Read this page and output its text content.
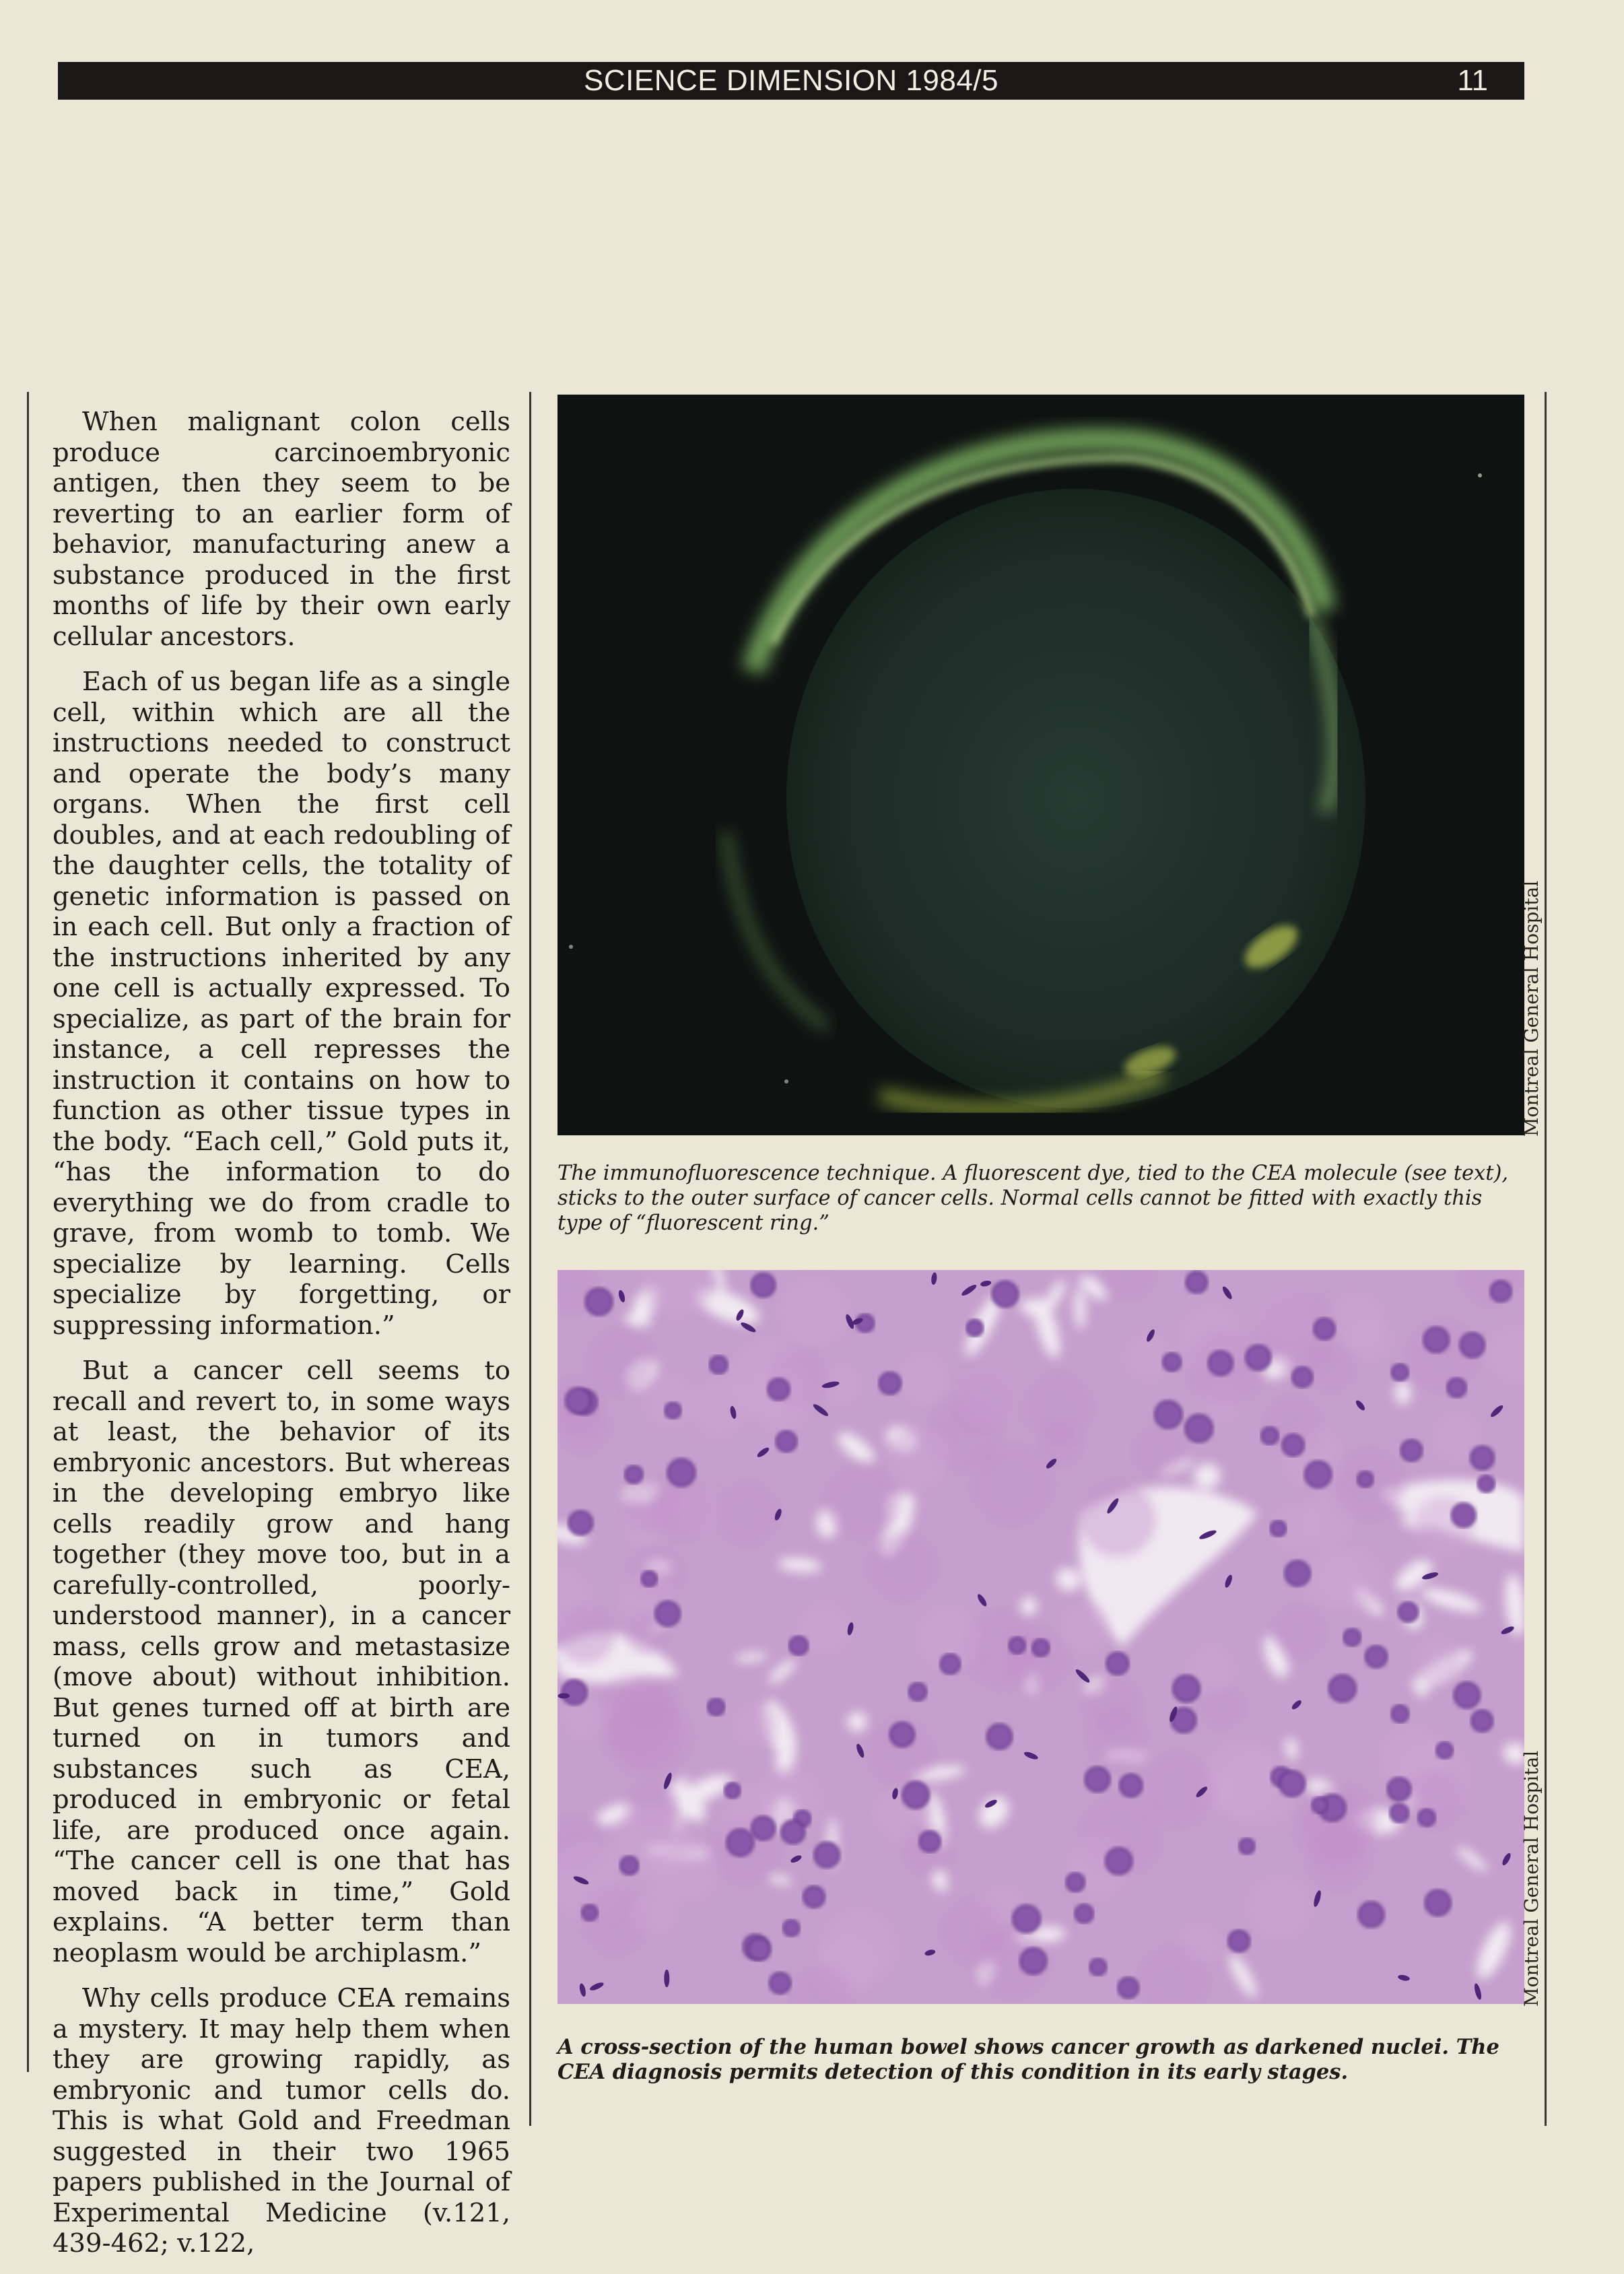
SCIENCE DIMENSION 1984/5	11

When malignant colon cells produce carcinoembryonic antigen, then they seem to be reverting to an earlier form of behavior, manufacturing anew a substance produced in the first months of life by their own early cellular ancestors.

Each of us began life as a single cell, within which are all the instructions needed to construct and operate the body’s many organs. When the first cell doubles, and at each redoubling of the daughter cells, the totality of genetic information is passed on in each cell. But only a fraction of the instructions inherited by any one cell is actually expressed. To specialize, as part of the brain for instance, a cell represses the instruction it contains on how to function as other tissue types in the body. “Each cell,” Gold puts it, “has the information to do everything we do from cradle to grave, from womb to tomb. We specialize by learning. Cells specialize by forgetting, or suppressing information.”

But a cancer cell seems to recall and revert to, in some ways at least, the behavior of its embryonic ancestors. But whereas in the developing embryo like cells readily grow and hang together (they move too, but in a carefully-controlled, poorly-understood manner), in a cancer mass, cells grow and metastasize (move about) without inhibition. But genes turned off at birth are turned on in tumors and substances such as CEA, produced in embryonic or fetal life, are produced once again. “The cancer cell is one that has moved back in time,” Gold explains. “A better term than neoplasm would be archiplasm.”

Why cells produce CEA remains a mystery. It may help them when they are growing rapidly, as embryonic and tumor cells do. This is what Gold and Freedman suggested in their two 1965 papers published in the Journal of Experimental Medicine (v.121, 439-462; v.122,

Montreal General Hospital
The immunofluorescence technique. A fluorescent dye, tied to the CEA molecule (see text), sticks to the outer surface of cancer cells. Normal cells cannot be fitted with exactly this type of “fluorescent ring.”
Montreal General Hospital
A cross-section of the human bowel shows cancer growth as darkened nuclei. The CEA diagnosis permits detection of this condition in its early stages.
